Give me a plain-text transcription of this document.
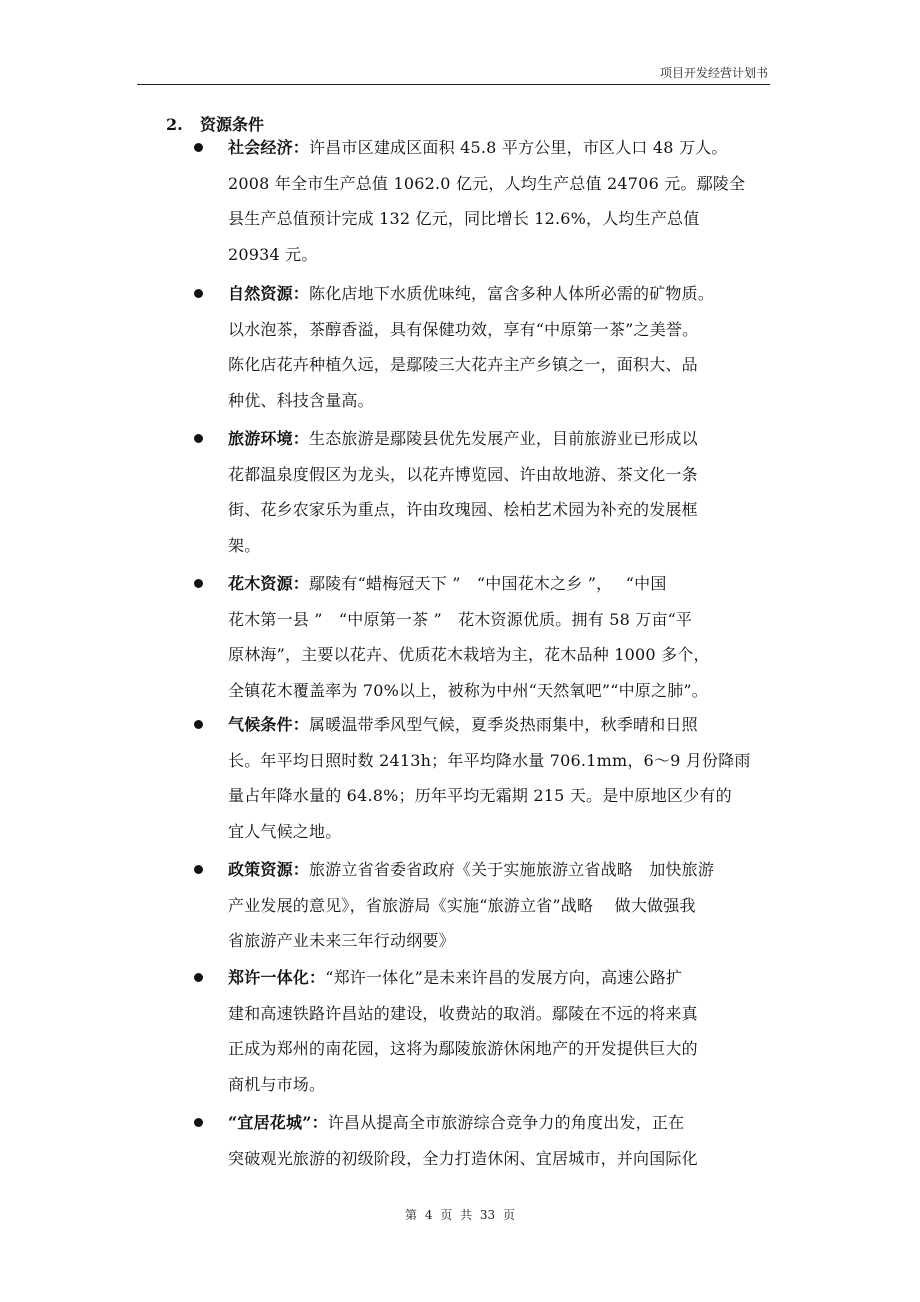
项目开发经营计划书
2. 资源条件
社会经济：许昌市区建成区面积 45.8 平方公里，市区人口 48 万人。
2008 年全市生产总值 1062.0 亿元，人均生产总值 24706 元。鄢陵全
县生产总值预计完成 132 亿元，同比增长 12.6%，人均生产总值
20934 元。
自然资源：陈化店地下水质优味纯，富含多种人体所必需的矿物质。
以水泡茶，茶醇香溢，具有保健功效，享有“中原第一茶”之美誉。
陈化店花卉种植久远，是鄢陵三大花卉主产乡镇之一，面积大、品
种优、科技含量高。
旅游环境：生态旅游是鄢陵县优先发展产业，目前旅游业已形成以
花都温泉度假区为龙头，以花卉博览园、许由故地游、茶文化一条
街、花乡农家乐为重点，许由玫瑰园、桧柏艺术园为补充的发展框
架。
花木资源：鄢陵有“蜡梅冠天下 ”　“中国花木之乡 ”，　 “中国
花木第一县 ”　“中原第一茶 ”　花木资源优质。拥有 58 万亩“平
原林海”，主要以花卉、优质花木栽培为主，花木品种 1000 多个，
全镇花木覆盖率为 70%以上，被称为中州“天然氧吧”“中原之肺”。
气候条件：属暖温带季风型气候，夏季炎热雨集中，秋季晴和日照
长。年平均日照时数 2413h；年平均降水量 706.1mm，6～9 月份降雨
量占年降水量的 64.8%；历年平均无霜期 215 天。是中原地区少有的
宜人气候之地。
政策资源：旅游立省省委省政府《关于实施旅游立省战略　加快旅游
产业发展的意见》，省旅游局《实施“旅游立省”战略　 做大做强我
省旅游产业未来三年行动纲要》
郑许一体化：“郑许一体化”是未来许昌的发展方向，高速公路扩
建和高速铁路许昌站的建设，收费站的取消。鄢陵在不远的将来真
正成为郑州的南花园，这将为鄢陵旅游休闲地产的开发提供巨大的
商机与市场。
“宜居花城”：许昌从提高全市旅游综合竞争力的角度出发，正在
突破观光旅游的初级阶段，全力打造休闲、宜居城市，并向国际化
第 4 页 共 33 页
